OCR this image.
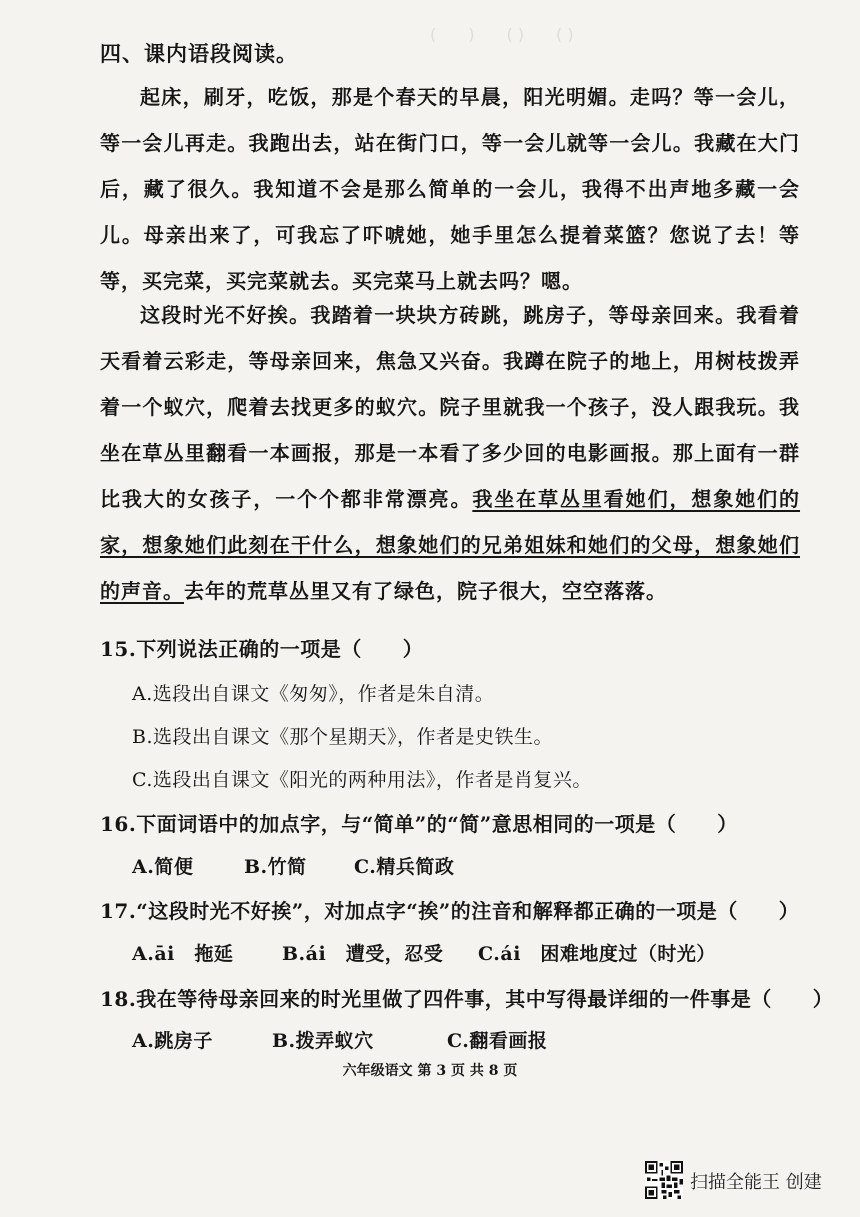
(　　)　　( )　　( )
四、课内语段阅读。
起床，刷牙，吃饭，那是个春天的早晨，阳光明媚。走吗？等一会儿，等一会儿再走。我跑出去，站在街门口，等一会儿就等一会儿。我藏在大门后，藏了很久。我知道不会是那么简单的一会儿，我得不出声地多藏一会儿。母亲出来了，可我忘了吓唬她，她手里怎么提着菜篮？您说了去！等等，买完菜，买完菜就去。买完菜马上就去吗？嗯。
这段时光不好挨。我踏着一块块方砖跳，跳房子，等母亲回来。我看着天看着云彩走，等母亲回来，焦急又兴奋。我蹲在院子的地上，用树枝拨弄着一个蚁穴，爬着去找更多的蚁穴。院子里就我一个孩子，没人跟我玩。我坐在草丛里翻看一本画报，那是一本看了多少回的电影画报。那上面有一群比我大的女孩子，一个个都非常漂亮。我坐在草丛里看她们，想象她们的家，想象她们此刻在干什么，想象她们的兄弟姐妹和她们的父母，想象她们的声音。去年的荒草丛里又有了绿色，院子很大，空空落落。
15.下列说法正确的一项是（　　）
A.选段出自课文《匆匆》，作者是朱自清。
B.选段出自课文《那个星期天》，作者是史铁生。
C.选段出自课文《阳光的两种用法》，作者是肖复兴。
16.下面词语中的加点字，与“简单”的“简”意思相同的一项是（　　）
A.简便	B.竹简 C.精兵简政
17.“这段时光不好挨”，对加点字“挨”的注音和解释都正确的一项是（　　）
A.āi　拖延	B.ái　遭受，忍受 C.ái　困难地度过（时光）
18.我在等待母亲回来的时光里做了四件事，其中写得最详细的一件事是（　　）
A.跳房子	B.拨弄蚁穴	C.翻看画报
六年级语文 第 3 页 共 8 页
扫描全能王 创建
